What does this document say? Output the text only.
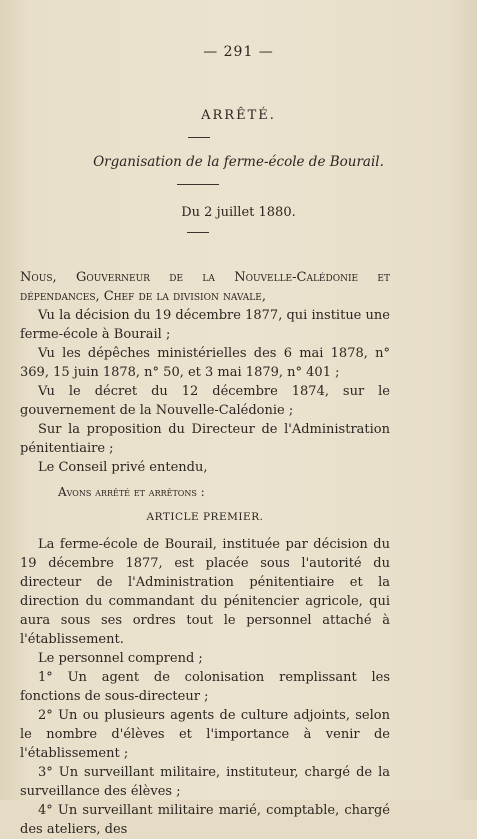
— 291 —
ARRÊTÉ.
Organisation de la ferme-école de Bourail.
Du 2 juillet 1880.

Nous, Gouverneur de la Nouvelle-Calédonie et dépendances, Chef de la division navale,

Vu la décision du 19 décembre 1877, qui institue une ferme-école à Bourail ;

Vu les dépêches ministérielles des 6 mai 1878, n° 369, 15 juin 1878, n° 50, et 3 mai 1879, n° 401 ;

Vu le décret du 12 décembre 1874, sur le gouvernement de la Nouvelle-Calédonie ;

Sur la proposition du Directeur de l'Administration pénitentiaire ;

Le Conseil privé entendu,

Avons arrêté et arrêtons :

ARTICLE PREMIER.

La ferme-école de Bourail, instituée par décision du 19 décembre 1877, est placée sous l'autorité du directeur de l'Administration pénitentiaire et la direction du commandant du pénitencier agricole, qui aura sous ses ordres tout le personnel attaché à l'établissement.

Le personnel comprend ;

1° Un agent de colonisation remplissant les fonctions de sous-directeur ;

2° Un ou plusieurs agents de culture adjoints, selon le nombre d'élèves et l'importance à venir de l'établissement ;

3° Un surveillant militaire, instituteur, chargé de la surveillance des élèves ;

4° Un surveillant militaire marié, comptable, chargé des ateliers, des
